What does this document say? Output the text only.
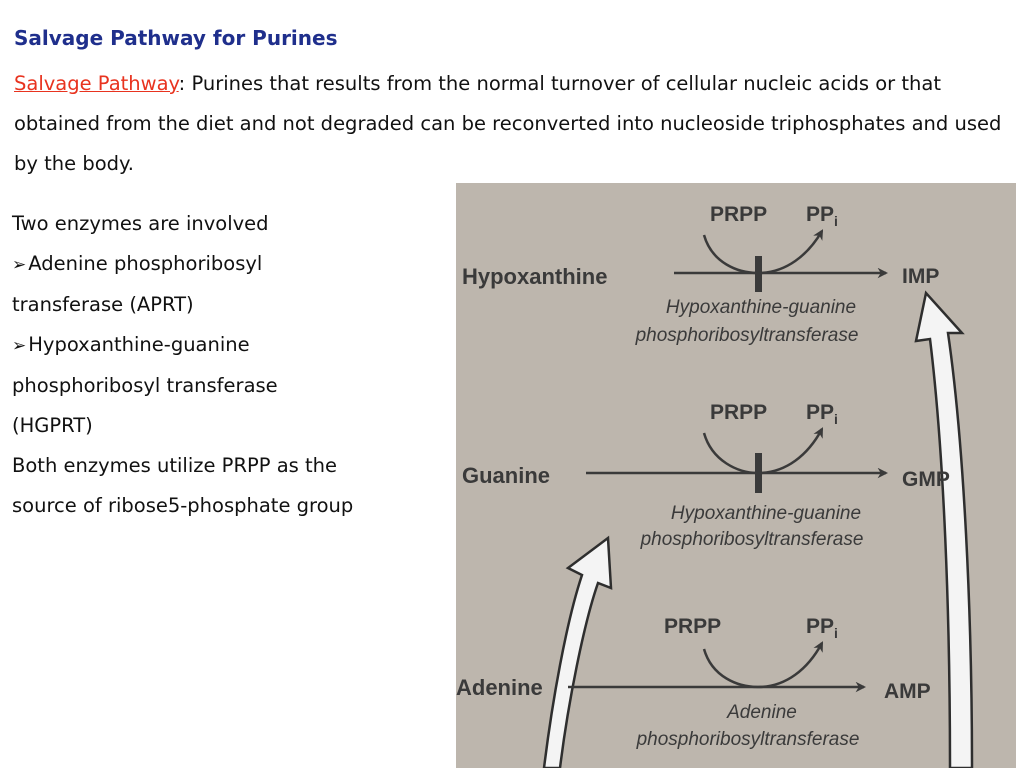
Salvage Pathway for Purines

Salvage Pathway: Purines that results from the normal turnover of cellular nucleic acids or that obtained from the diet and not degraded can be reconverted into nucleoside triphosphates and used by the body.

Two enzymes are involved
➢ Adenine phosphoribosyl
transferase (APRT)
➢ Hypoxanthine-guanine
phosphoribosyl transferase
(HGPRT)
Both enzymes utilize PRPP as the
source of ribose5-phosphate group
PRPP $PP_i$
Hypoxanthine	IMP
Hypoxanthine-guanine
phosphoribosyltransferase
PRPP $PP_i$
Guanine	GMP
Hypoxanthine-guanine
phosphoribosyltransferase
PRPP	$PP_i$
Adenine	AMP
Adenine
phosphoribosyltransferase
